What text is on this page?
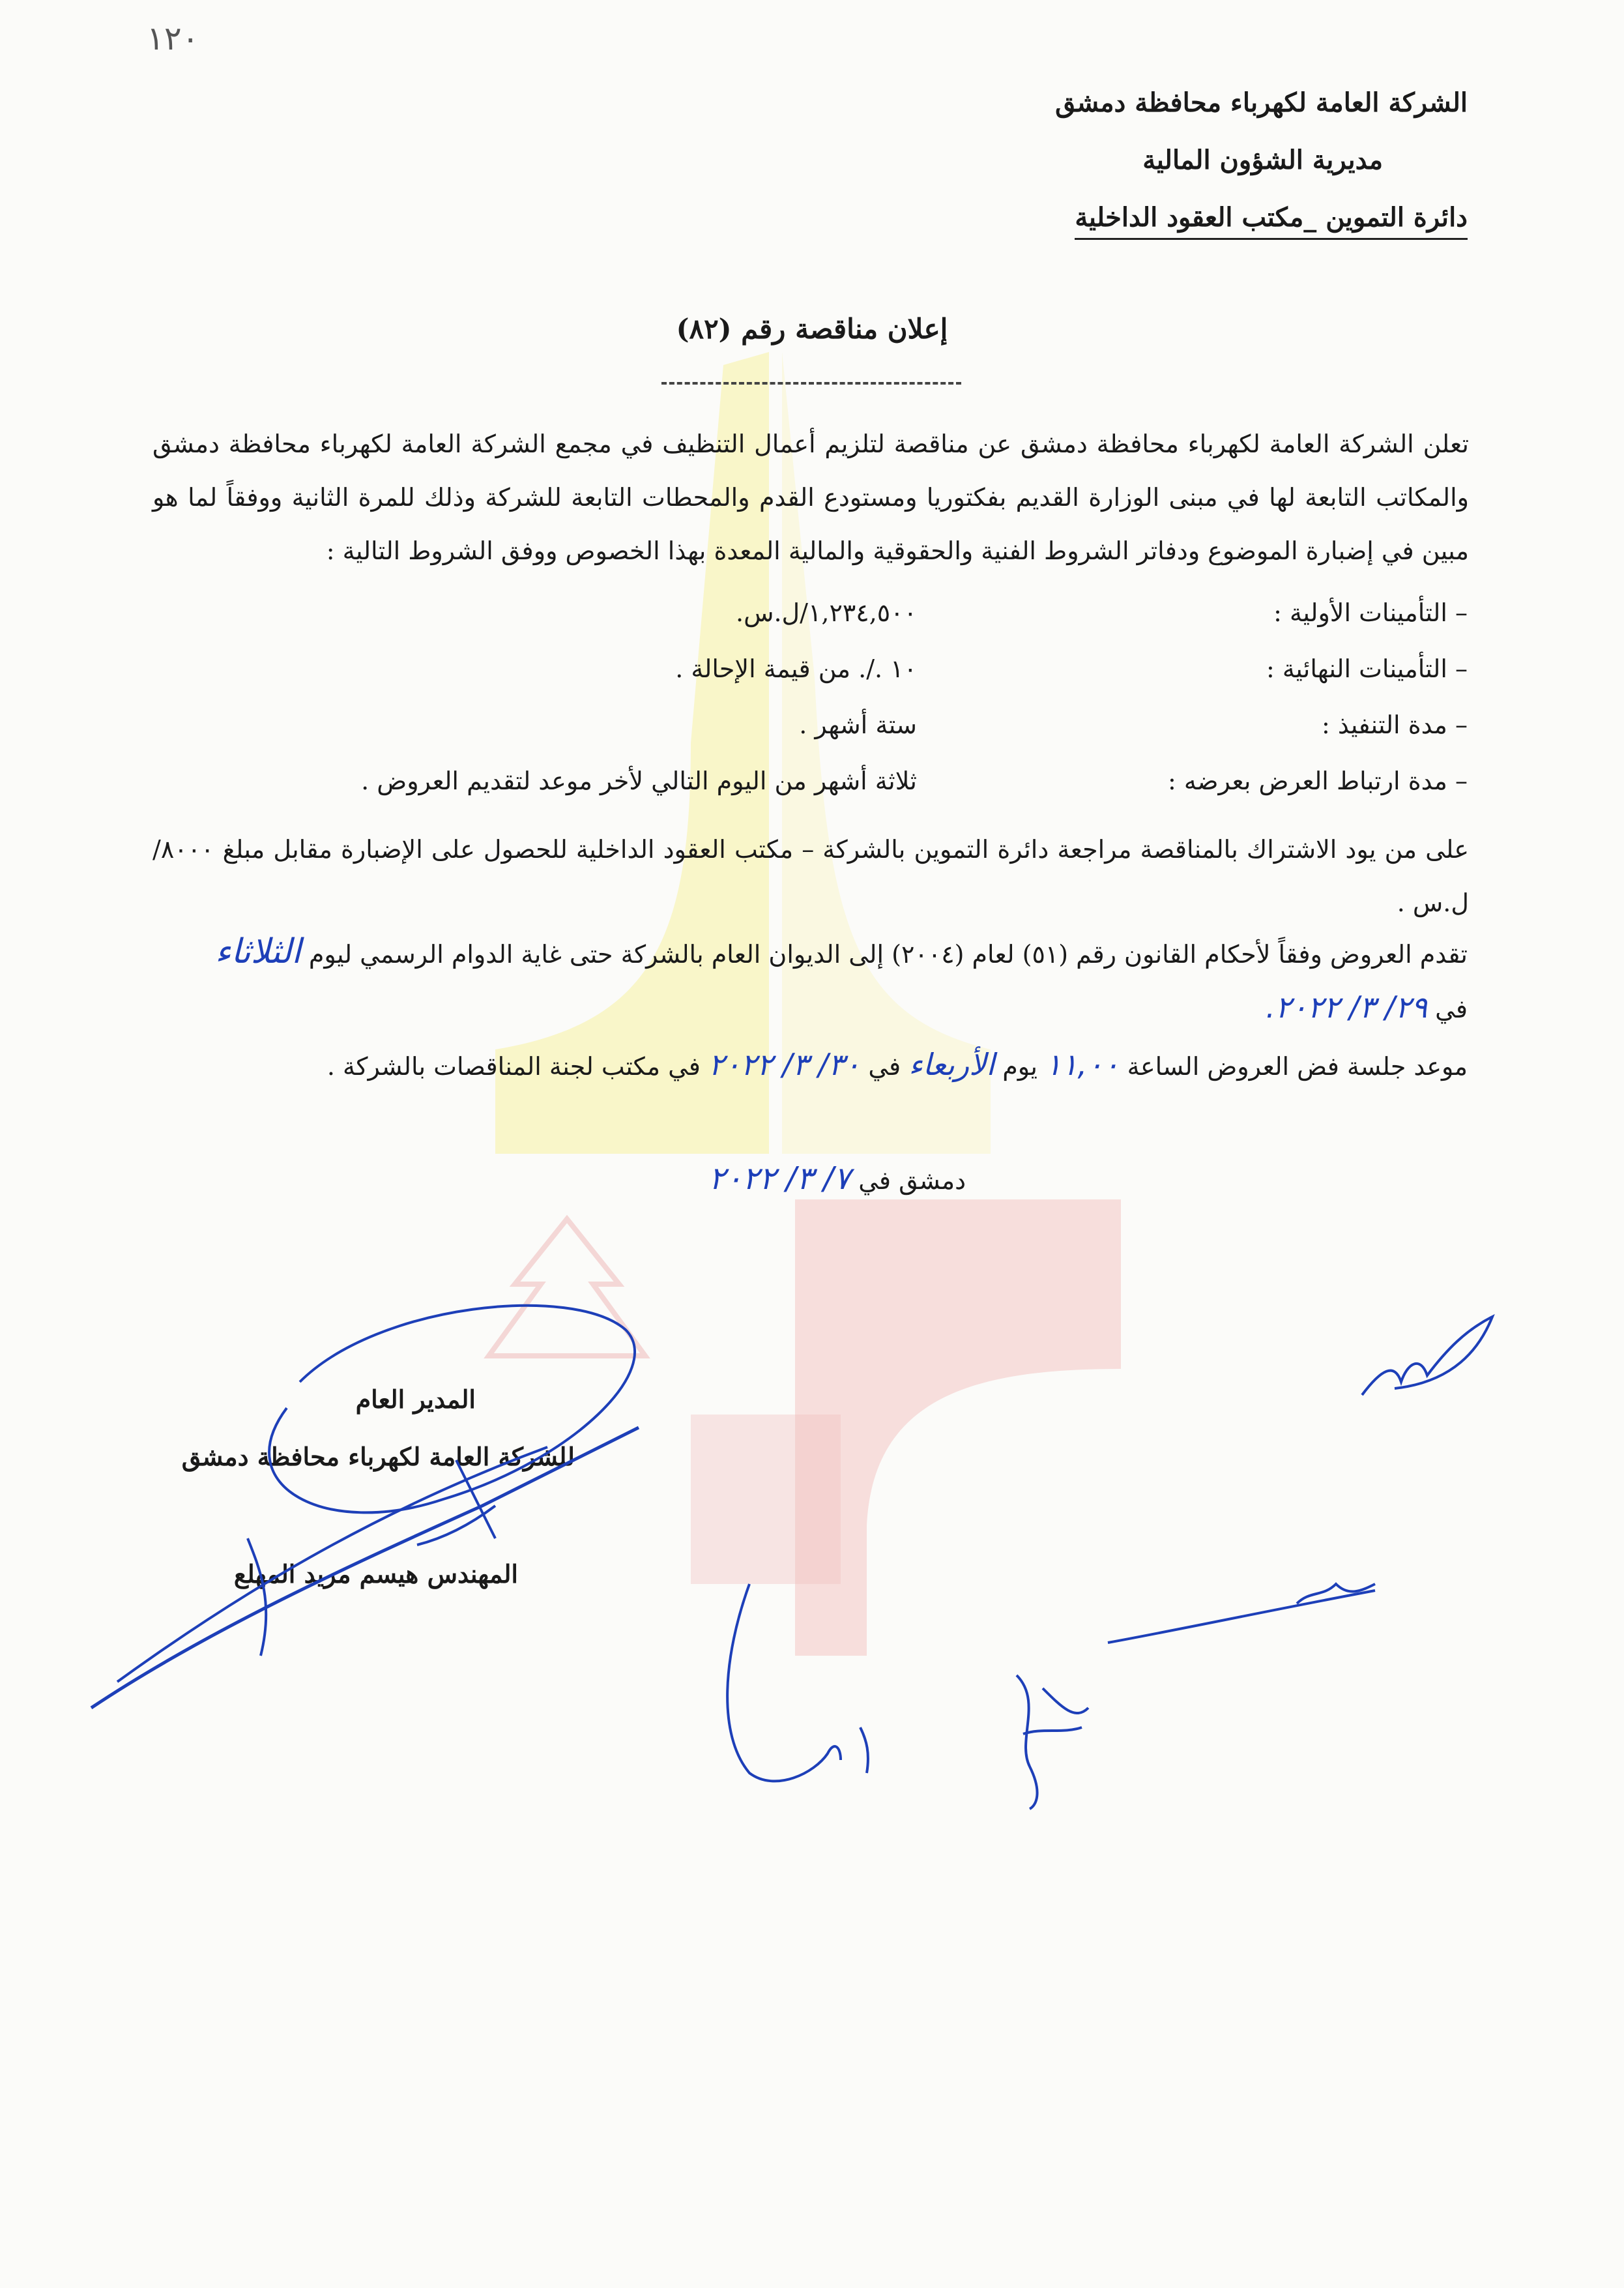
١٢٠
الشركة العامة لكهرباء محافظة دمشق
مديرية الشؤون المالية
دائرة التموين _مكتب العقود الداخلية
إعلان مناقصة رقم (٨٢)
تعلن الشركة العامة لكهرباء محافظة دمشق عن مناقصة لتلزيم أعمال التنظيف في مجمع الشركة العامة لكهرباء محافظة دمشق والمكاتب التابعة لها في مبنى الوزارة القديم بفكتوريا ومستودع القدم والمحطات التابعة للشركة وذلك للمرة الثانية ووفقاً لما هو مبين في إضبارة الموضوع ودفاتر الشروط الفنية والحقوقية والمالية المعدة بهذا الخصوص ووفق الشروط التالية :
– التأمينات الأولية :
١,٢٣٤,٥٠٠/ل.س.
– التأمينات النهائية :
١٠ ./. من قيمة الإحالة .
– مدة التنفيذ :
ستة أشهر .
– مدة ارتباط العرض بعرضه :
ثلاثة أشهر من اليوم التالي لأخر موعد لتقديم العروض .
على من يود الاشتراك بالمناقصة مراجعة دائرة التموين بالشركة – مكتب العقود الداخلية للحصول على الإضبارة مقابل مبلغ ٨٠٠٠/ل.س .
تقدم العروض وفقاً لأحكام القانون رقم (٥١) لعام (٢٠٠٤) إلى الديوان العام بالشركة حتى غاية الدوام الرسمي ليوم الثلاثاء
في ٢٩/ ٣/ ٢٠٢٢.
موعد جلسة فض العروض الساعة ١١,٠٠ يوم الأربعاء في ٣٠/ ٣/ ٢٠٢٢ في مكتب لجنة المناقصات بالشركة .
دمشق في ٧/ ٣/ ٢٠٢٢
المدير العام
للشركة العامة لكهرباء محافظة دمشق
المهندس هيسم مريد المهلع
